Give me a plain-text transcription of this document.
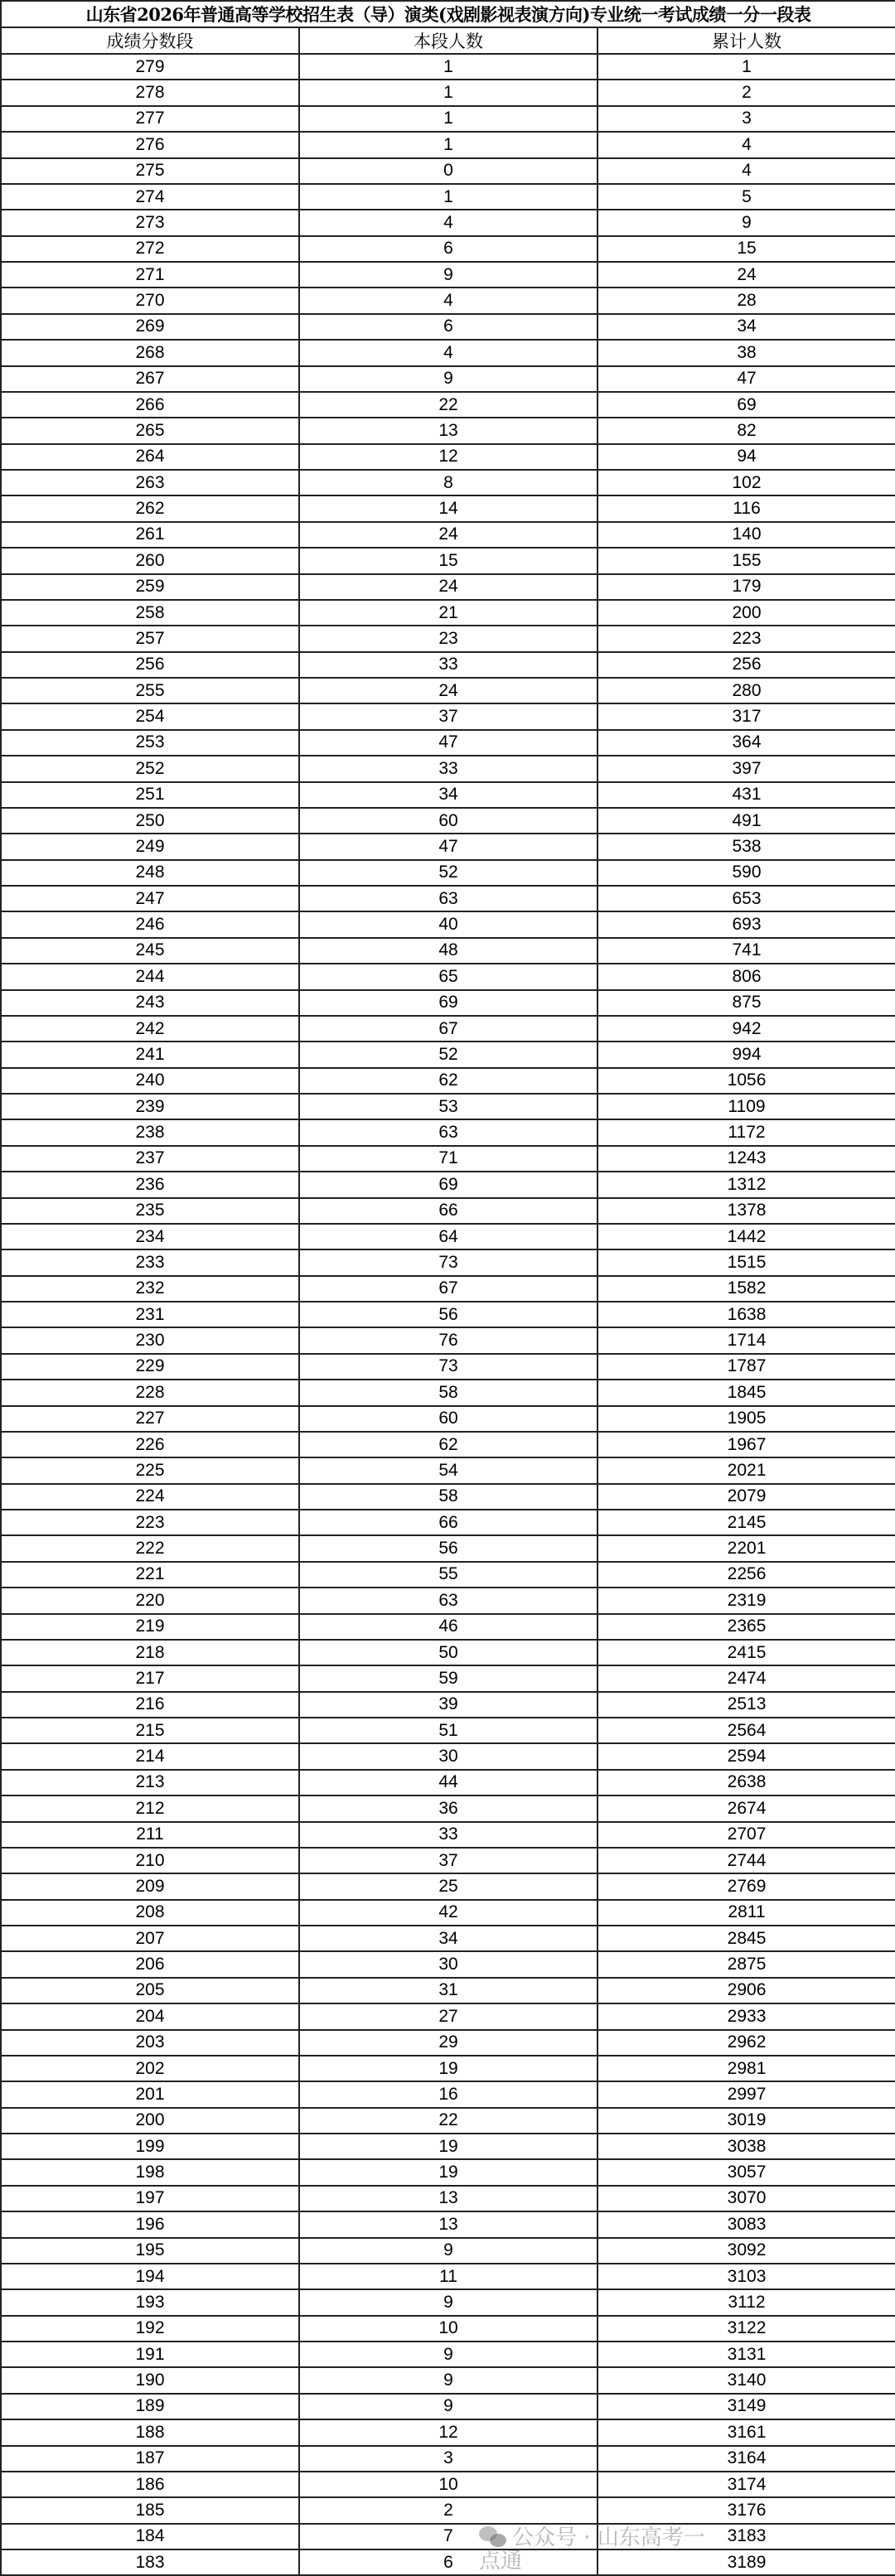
山东省2026年普通高等学校招生表（导）演类(戏剧影视表演方向)专业统一考试成绩一分一段表		
成绩分数段	本段人数	累计人数
279	1	1
278	1	2
277	1	3
276	1	4
275	0	4
274	1	5
273	4	9
272	6	15
271	9	24
270	4	28
269	6	34
268	4	38
267	9	47
266	22	69
265	13	82
264	12	94
263	8	102
262	14	116
261	24	140
260	15	155
259	24	179
258	21	200
257	23	223
256	33	256
255	24	280
254	37	317
253	47	364
252	33	397
251	34	431
250	60	491
249	47	538
248	52	590
247	63	653
246	40	693
245	48	741
244	65	806
243	69	875
242	67	942
241	52	994
240	62	1056
239	53	1109
238	63	1172
237	71	1243
236	69	1312
235	66	1378
234	64	1442
233	73	1515
232	67	1582
231	56	1638
230	76	1714
229	73	1787
228	58	1845
227	60	1905
226	62	1967
225	54	2021
224	58	2079
223	66	2145
222	56	2201
221	55	2256
220	63	2319
219	46	2365
218	50	2415
217	59	2474
216	39	2513
215	51	2564
214	30	2594
213	44	2638
212	36	2674
211	33	2707
210	37	2744
209	25	2769
208	42	2811
207	34	2845
206	30	2875
205	31	2906
204	27	2933
203	29	2962
202	19	2981
201	16	2997
200	22	3019
199	19	3038
198	19	3057
197	13	3070
196	13	3083
195	9	3092
194	11	3103
193	9	3112
192	10	3122
191	9	3131
190	9	3140
189	9	3149
188	12	3161
187	3	3164
186	10	3174
185	2	3176
184	7	3183
183	6	3189
公众号 · 山东高考一点通
